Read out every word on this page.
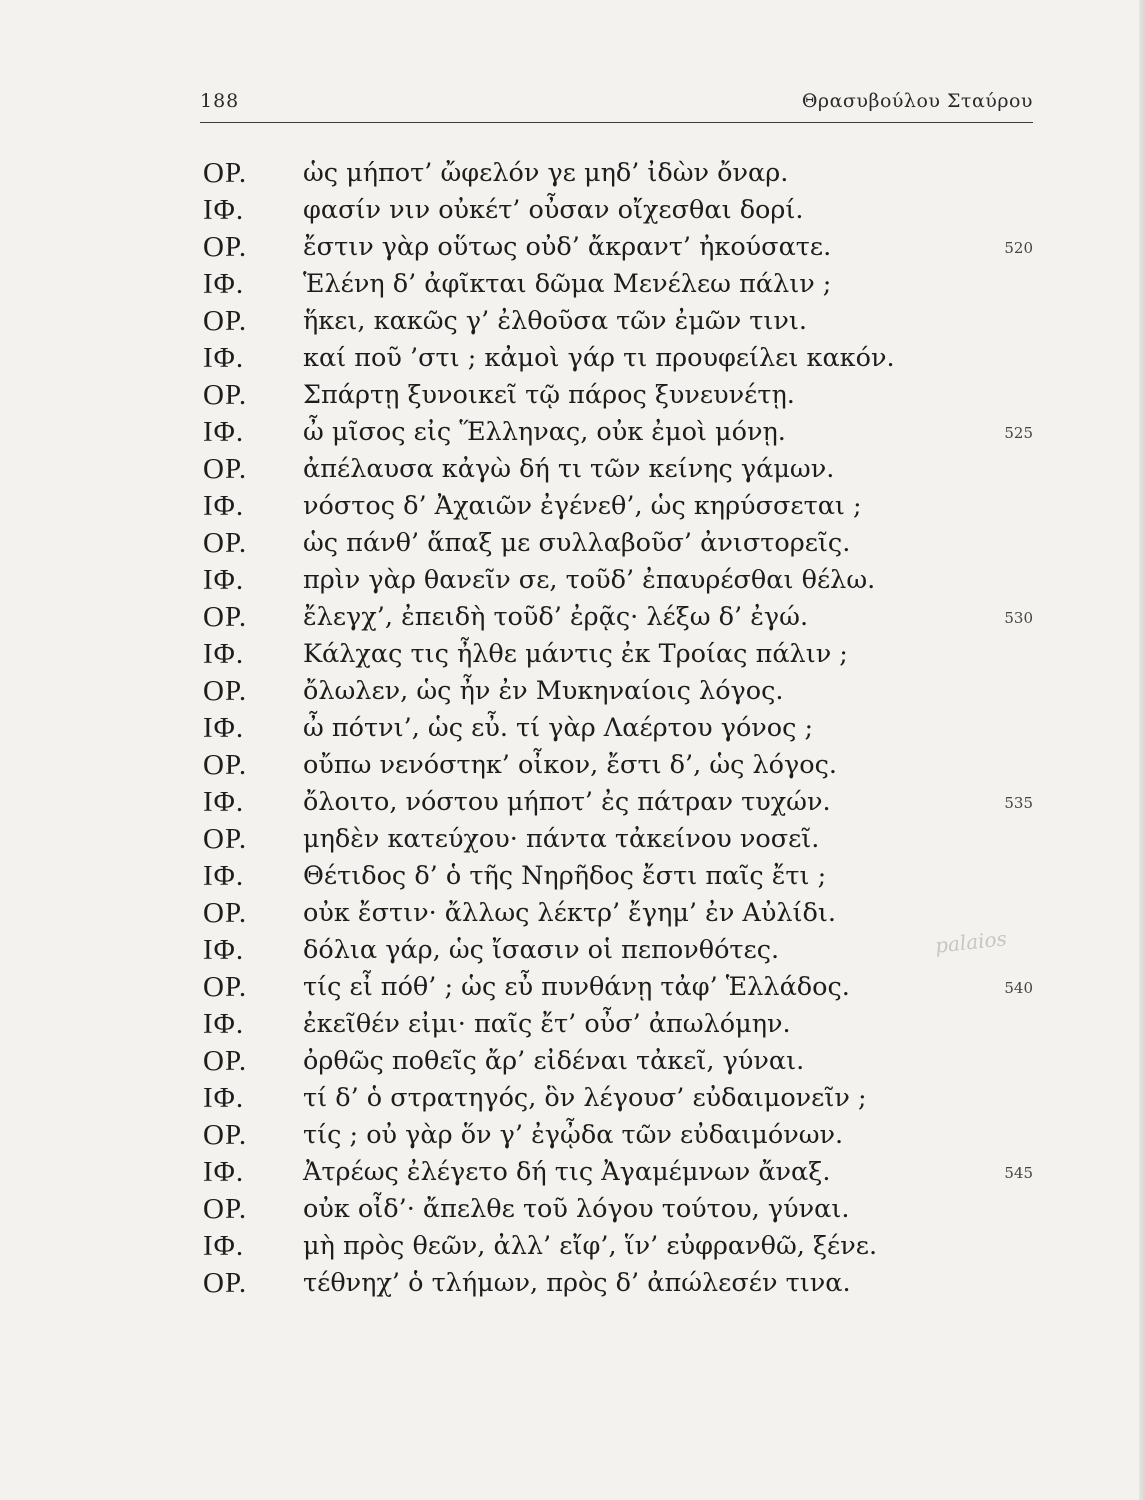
188	Θρασυβούλου Σταύρου
ΟΡ. ὡς μήποτ’ ὤφελόν γε μηδ’ ἰδὼν ὄναρ.
ΙΦ. φασίν νιν οὐκέτ’ οὖσαν οἴχεσθαι δορί.
ΟΡ. ἔστιν γὰρ οὕτως οὐδ’ ἄκραντ’ ἠκούσατε.	520
ΙΦ. Ἑλένη δ’ ἀφῖκται δῶμα Μενέλεω πάλιν ;
ΟΡ. ἥκει, κακῶς γ’ ἐλθοῦσα τῶν ἐμῶν τινι.
ΙΦ. καί ποῦ ’στι ; κἀμοὶ γάρ τι προυφείλει κακόν.
ΟΡ. Σπάρτῃ ξυνοικεῖ τῷ πάρος ξυνευνέτῃ.
ΙΦ. ὦ μῖσος εἰς Ἕλληνας, οὐκ ἐμοὶ μόνῃ.	525
ΟΡ. ἀπέλαυσα κἀγὼ δή τι τῶν κείνης γάμων.
ΙΦ. νόστος δ’ Ἀχαιῶν ἐγένεθ’, ὡς κηρύσσεται ;
ΟΡ. ὡς πάνθ’ ἅπαξ με συλλαβοῦσ’ ἀνιστορεῖς.
ΙΦ. πρὶν γὰρ θανεῖν σε, τοῦδ’ ἐπαυρέσθαι θέλω.
ΟΡ. ἔλεγχ’, ἐπειδὴ τοῦδ’ ἐρᾷς· λέξω δ’ ἐγώ.	530
ΙΦ. Κάλχας τις ἦλθε μάντις ἐκ Τροίας πάλιν ;
ΟΡ. ὄλωλεν, ὡς ἦν ἐν Μυκηναίοις λόγος.
ΙΦ. ὦ πότνι’, ὡς εὖ. τί γὰρ Λαέρτου γόνος ;
ΟΡ. οὔπω νενόστηκ’ οἶκον, ἔστι δ’, ὡς λόγος.
ΙΦ. ὄλοιτο, νόστου μήποτ’ ἐς πάτραν τυχών.	535
ΟΡ. μηδὲν κατεύχου· πάντα τἀκείνου νοσεῖ.
ΙΦ. Θέτιδος δ’ ὁ τῆς Νηρῆδος ἔστι παῖς ἔτι ;
ΟΡ. οὐκ ἔστιν· ἄλλως λέκτρ’ ἔγημ’ ἐν Αὐλίδι.
ΙΦ. δόλια γάρ, ὡς ἴσασιν οἱ πεπονθότες.
ΟΡ. τίς εἶ πόθ’ ; ὡς εὖ πυνθάνῃ τἀφ’ Ἑλλάδος.	540
ΙΦ. ἐκεῖθέν εἰμι· παῖς ἔτ’ οὖσ’ ἀπωλόμην.
ΟΡ. ὀρθῶς ποθεῖς ἄρ’ εἰδέναι τἀκεῖ, γύναι.
ΙΦ. τί δ’ ὁ στρατηγός, ὃν λέγουσ’ εὐδαιμονεῖν ;
ΟΡ. τίς ; οὐ γὰρ ὅν γ’ ἐγᾦδα τῶν εὐδαιμόνων.
ΙΦ. Ἀτρέως ἐλέγετο δή τις Ἀγαμέμνων ἄναξ.	545
ΟΡ. οὐκ οἶδ’· ἄπελθε τοῦ λόγου τούτου, γύναι.
ΙΦ. μὴ πρὸς θεῶν, ἀλλ’ εἴφ’, ἵν’ εὐφρανθῶ, ξένε.
ΟΡ. τέθνηχ’ ὁ τλήμων, πρὸς δ’ ἀπώλεσέν τινα.
palaios
